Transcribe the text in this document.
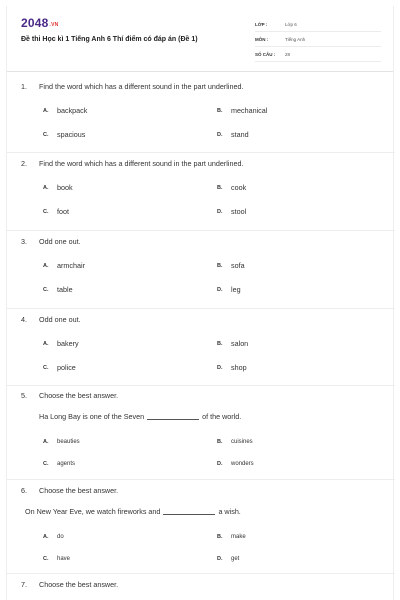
2048.VN
Đề thi Học kì 1 Tiếng Anh 6 Thí điểm có đáp án (Đề 1)
LỚP :	Lớp 6
MÔN :	Tiếng Anh
SỐ CÂU :	28
1.	Find the word which has a different sound in the part underlined.
A.	backpack	B.	mechanical
C.	spacious	D.	stand
2.	Find the word which has a different sound in the part underlined.
A.	book	B.	cook
C.	foot	D.	stool
3.	Odd one out.
A.	armchair	B.	sofa
C.	table	D.	leg
4.	Odd one out.
A.	bakery	B.	salon
C.	police	D.	shop
5.	Choose the best answer.
Ha Long Bay is one of the Seven

	of the world.
A.	beauties	B.	cuisines
C.	agents	D.	wonders
6.	Choose the best answer.
On New Year Eve, we watch fireworks and

	a wish.
A.	do	B.	make
C.	have	D.	get
7.	Choose the best answer.
